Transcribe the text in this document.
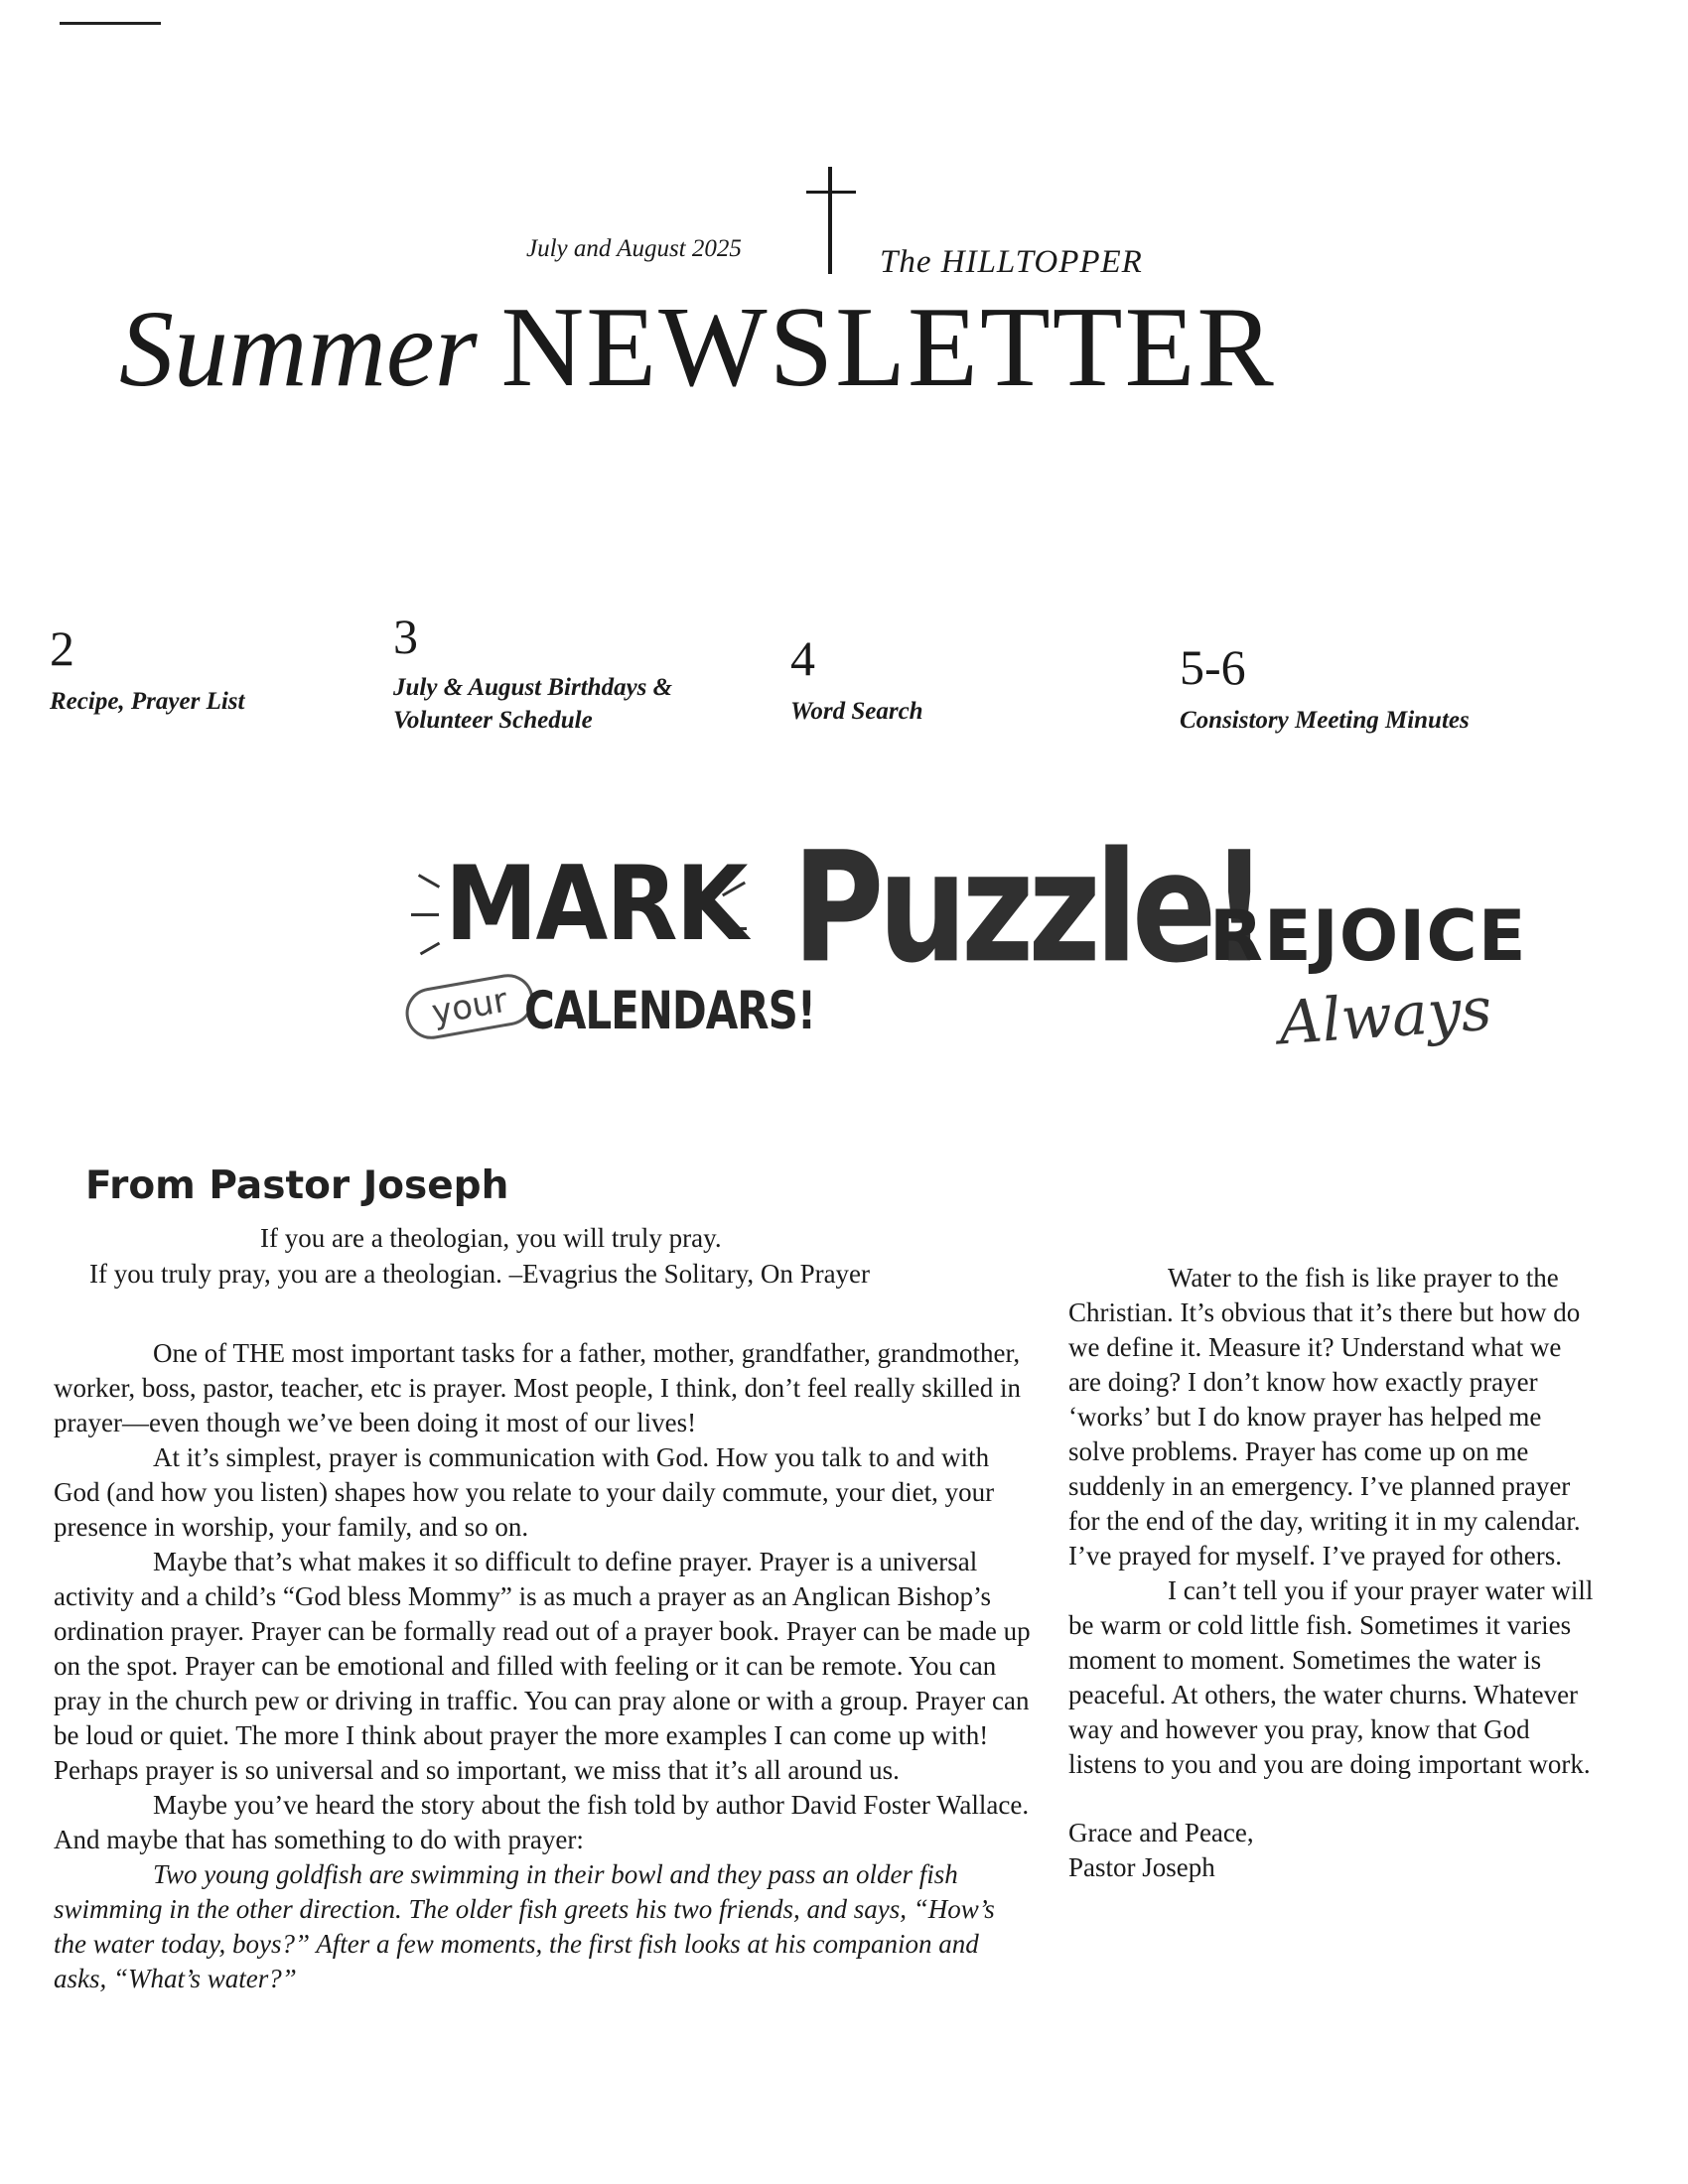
July and August 2025	The HILLTOPPER
Summer NEWSLETTER
2
Recipe, Prayer List
3
July & August Birthdays &
Volunteer Schedule
4
Word Search
5-6
Consistory Meeting Minutes
MARK
your CALENDARS!
Puzzle!
REJOICE
Always
From Pastor Joseph
If you are a theologian, you will truly pray.
If you truly pray, you are a theologian. –Evagrius the Solitary, On Prayer

One of THE most important tasks for a father, mother, grandfather, grandmother, worker, boss, pastor, teacher, etc is prayer. Most people, I think, don’t feel really skilled in prayer—even though we’ve been doing it most of our lives!

At it’s simplest, prayer is communication with God. How you talk to and with God (and how you listen) shapes how you relate to your daily commute, your diet, your presence in worship, your family, and so on.

Maybe that’s what makes it so difficult to define prayer. Prayer is a universal activity and a child’s “God bless Mommy” is as much a prayer as an Anglican Bishop’s ordination prayer. Prayer can be formally read out of a prayer book. Prayer can be made up on the spot. Prayer can be emotional and filled with feeling or it can be remote. You can pray in the church pew or driving in traffic. You can pray alone or with a group. Prayer can be loud or quiet. The more I think about prayer the more examples I can come up with! Perhaps prayer is so universal and so important, we miss that it’s all around us.

Maybe you’ve heard the story about the fish told by author David Foster Wallace. And maybe that has something to do with prayer:

Two young goldfish are swimming in their bowl and they pass an older fish swimming in the other direction. The older fish greets his two friends, and says, “How’s the water today, boys?” After a few moments, the first fish looks at his companion and asks, “What’s water?”

Water to the fish is like prayer to the Christian. It’s obvious that it’s there but how do we define it. Measure it? Understand what we are doing? I don’t know how exactly prayer ‘works’ but I do know prayer has helped me solve problems. Prayer has come up on me suddenly in an emergency. I’ve planned prayer for the end of the day, writing it in my calendar. I’ve prayed for myself. I’ve prayed for others.

I can’t tell you if your prayer water will be warm or cold little fish. Sometimes it varies moment to moment. Sometimes the water is peaceful. At others, the water churns. Whatever way and however you pray, know that God listens to you and you are doing important work.

Grace and Peace,

Pastor Joseph
